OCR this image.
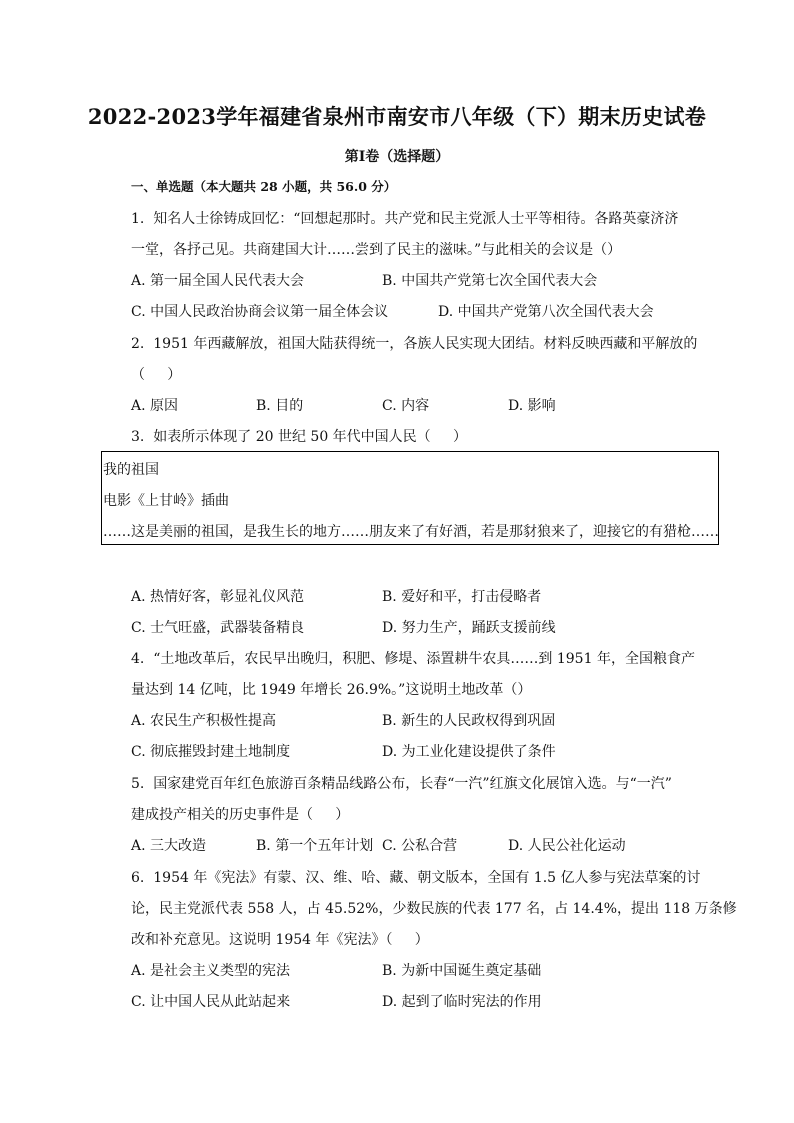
2022-2023学年福建省泉州市南安市八年级（下）期末历史试卷
第Ⅰ卷（选择题）
一、单选题（本大题共 28 小题，共 56.0 分）
1.  知名人士徐铸成回忆：“回想起那时。共产党和民主党派人士平等相待。各路英豪济济
一堂，各抒己见。共商建国大计……尝到了民主的滋味。”与此相关的会议是（）
A. 第一届全国人民代表大会	B. 中国共产党第七次全国代表大会
C. 中国人民政治协商会议第一届全体会议	D. 中国共产党第八次全国代表大会
2.  1951 年西藏解放，祖国大陆获得统一，各族人民实现大团结。材料反映西藏和平解放的
（     ）
A. 原因	B. 目的	C. 内容	D. 影响
3.  如表所示体现了 20 世纪 50 年代中国人民（     ）
我的祖国
电影《上甘岭》插曲
……这是美丽的祖国，是我生长的地方……朋友来了有好酒，若是那豺狼来了，迎接它的有猎枪……
A. 热情好客，彰显礼仪风范	B. 爱好和平，打击侵略者
C. 士气旺盛，武器装备精良	D. 努力生产，踊跃支援前线
4.  “土地改革后，农民早出晚归，积肥、修堤、添置耕牛农具……到 1951 年，全国粮食产
量达到 14 亿吨，比 1949 年增长 26.9%。”这说明土地改革（）
A. 农民生产积极性提高	B. 新生的人民政权得到巩固
C. 彻底摧毁封建土地制度	D. 为工业化建设提供了条件
5.  国家建党百年红色旅游百条精品线路公布，长春“一汽”红旗文化展馆入选。与“一汽”
建成投产相关的历史事件是（     ）
A. 三大改造	B. 第一个五年计划 C. 公私合营	D. 人民公社化运动
6.  1954 年《宪法》有蒙、汉、维、哈、藏、朝文版本，全国有 1.5 亿人参与宪法草案的讨
论，民主党派代表 558 人，占 45.52%，少数民族的代表 177 名，占 14.4%，提出 118 万条修
改和补充意见。这说明 1954 年《宪法》（     ）
A. 是社会主义类型的宪法	B. 为新中国诞生奠定基础
C. 让中国人民从此站起来	D. 起到了临时宪法的作用
